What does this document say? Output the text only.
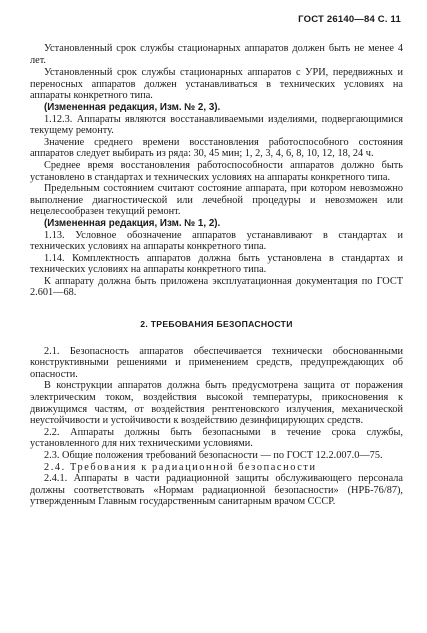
ГОСТ 26140—84 С. 11

Установленный срок службы стационарных аппаратов должен быть не менее 4 лет.

Установленный срок службы стационарных аппаратов с УРИ, передвижных и переносных аппаратов должен устанавливаться в технических условиях на аппараты конкретного типа.

(Измененная редакция, Изм. № 2, 3).

1.12.3. Аппараты являются восстанавливаемыми изделиями, подвергающимися текущему ремонту.

Значение среднего времени восстановления работоспособного состояния аппаратов следует выбирать из ряда: 30, 45 мин; 1, 2, 3, 4, 6, 8, 10, 12, 18, 24 ч.

Среднее время восстановления работоспособности аппаратов должно быть установлено в стандартах и технических условиях на аппараты конкретного типа.

Предельным состоянием считают состояние аппарата, при котором невозможно выполнение диагностической или лечебной процедуры и невозможен или нецелесообразен текущий ремонт.

(Измененная редакция, Изм. № 1, 2).

1.13. Условное обозначение аппаратов устанавливают в стандартах и технических условиях на аппараты конкретного типа.

1.14. Комплектность аппаратов должна быть установлена в стандартах и технических условиях на аппараты конкретного типа.

К аппарату должна быть приложена эксплуатационная документация по ГОСТ 2.601—68.

2. ТРЕБОВАНИЯ БЕЗОПАСНОСТИ

2.1. Безопасность аппаратов обеспечивается технически обоснованными конструктивными решениями и применением средств, предупреждающих об опасности.

В конструкции аппаратов должна быть предусмотрена защита от поражения электрическим током, воздействия высокой температуры, прикосновения к движущимся частям, от воздействия рентгеновского излучения, механической неустойчивости и устойчивости к воздействию дезинфицирующих средств.

2.2. Аппараты должны быть безопасными в течение срока службы, установленного для них техническими условиями.

2.3. Общие положения требований безопасности — по ГОСТ 12.2.007.0—75.

2.4. Требования к радиационной безопасности

2.4.1. Аппараты в части радиационной защиты обслуживающего персонала должны соответствовать «Нормам радиационной безопасности» (НРБ-76/87), утвержденным Главным государственным санитарным врачом СССР.
